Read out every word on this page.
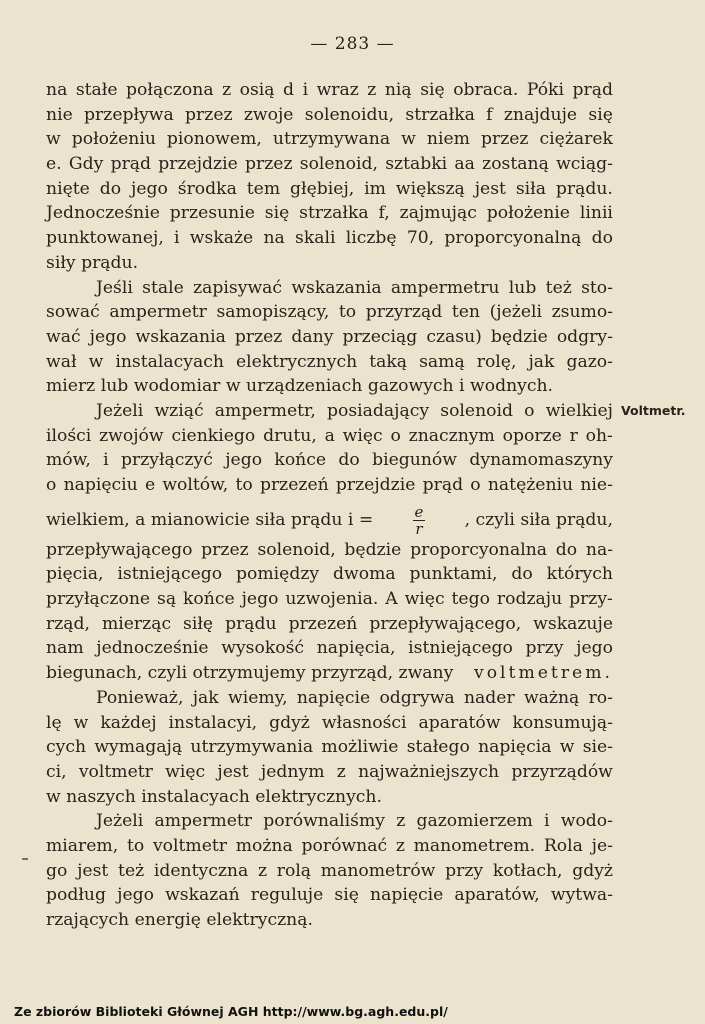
— 283 —
Voltmetr.
na stałe połączona z osią d i wraz z nią się obraca. Póki prąd
nie przepływa przez zwoje solenoidu, strzałka f znajduje się
w położeniu pionowem, utrzymywana w niem przez ciężarek
e. Gdy prąd przejdzie przez solenoid, sztabki aa zostaną wciąg-
nięte do jego środka tem głębiej, im większą jest siła prądu.
Jednocześnie przesunie się strzałka f, zajmując położenie linii
punktowanej, i wskaże na skali liczbę 70, proporcyonalną do
siły prądu.
Jeśli stale zapisywać wskazania ampermetru lub też sto-
sować ampermetr samopiszący, to przyrząd ten (jeżeli zsumo-
wać jego wskazania przez dany przeciąg czasu) będzie odgry-
wał w instalacyach elektrycznych taką samą rolę, jak gazo-
mierz lub wodomiar w urządzeniach gazowych i wodnych.
Jeżeli wziąć ampermetr, posiadający solenoid o wielkiej
ilości zwojów cienkiego drutu, a więc o znacznym oporze r oh-
mów, i przyłączyć jego końce do biegunów dynamomaszyny
o napięciu e woltów, to przezeń przejdzie prąd o natężeniu nie-
wielkiem, a mianowicie siła prądu i =	$\frac{e}{r}$ , czyli siła prądu,
przepływającego przez solenoid, będzie proporcyonalna do na-
pięcia, istniejącego pomiędzy dwoma punktami, do których
przyłączone są końce jego uzwojenia. A więc tego rodzaju przy-
rząd, mierząc siłę prądu przezeń przepływającego, wskazuje
nam jednocześnie wysokość napięcia, istniejącego przy jego
biegunach, czyli otrzymujemy przyrząd, zwany voltmetrem.
Ponieważ, jak wiemy, napięcie odgrywa nader ważną ro-
lę w każdej instalacyi, gdyż własności aparatów konsumują-
cych wymagają utrzymywania możliwie stałego napięcia w sie-
ci, voltmetr więc jest jednym z najważniejszych przyrządów
w naszych instalacyach elektrycznych.
Jeżeli ampermetr porównaliśmy z gazomierzem i wodo-
miarem, to voltmetr można porównać z manometrem. Rola je-
go jest też identyczna z rolą manometrów przy kotłach, gdyż
podług jego wskazań reguluje się napięcie aparatów, wytwa-
rzających energię elektryczną.
Ze zbiorów Biblioteki Głównej AGH http://www.bg.agh.edu.pl/
